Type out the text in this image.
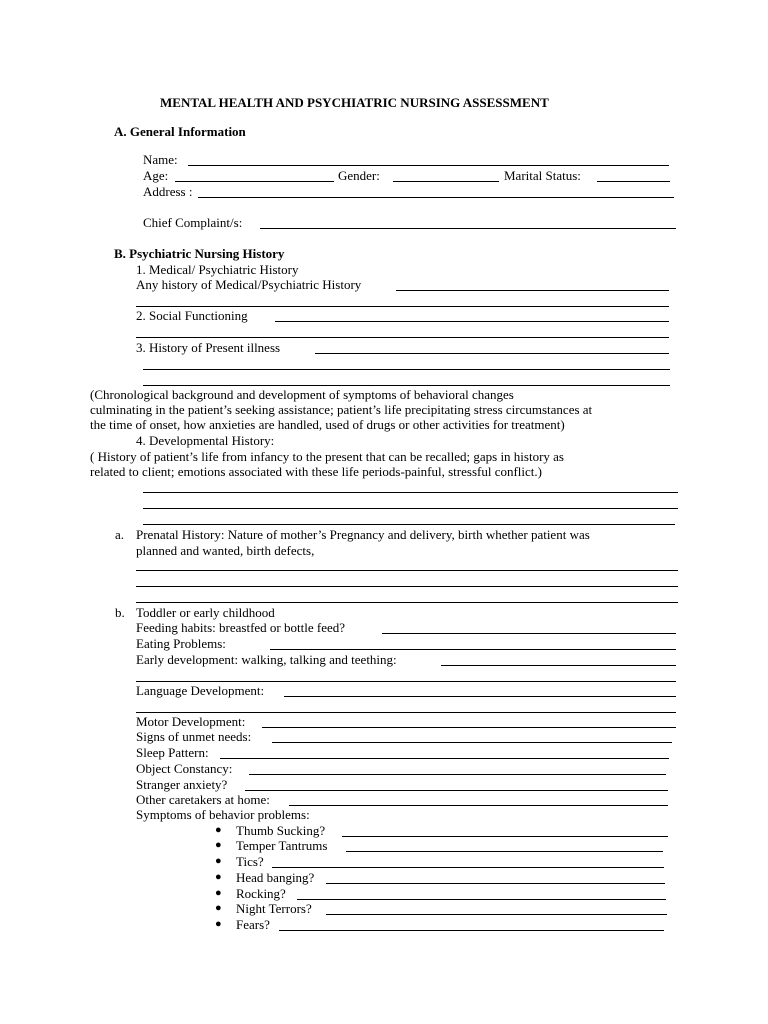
MENTAL HEALTH AND PSYCHIATRIC NURSING ASSESSMENT
A. General Information
Name:
Age:	Gender:	Marital Status:
Address :
Chief Complaint/s:
B. Psychiatric Nursing History
1. Medical/ Psychiatric History
Any history of Medical/Psychiatric History
2. Social Functioning
3. History of Present illness
(Chronological background and development of symptoms of behavioral changes
culminating in the patient’s seeking assistance; patient’s life precipitating stress circumstances at
the time of onset, how anxieties are handled, used of drugs or other activities for treatment)
4. Developmental History:
( History of patient’s life from infancy to the present that can be recalled; gaps in history as
related to client; emotions associated with these life periods-painful, stressful conflict.)
a. Prenatal History: Nature of mother’s Pregnancy and delivery, birth whether patient was
planned and wanted, birth defects,
b. Toddler or early childhood
Feeding habits: breastfed or bottle feed?
Eating Problems:
Early development: walking, talking and teething:
Language Development:
Motor Development:
Signs of unmet needs:
Sleep Pattern:
Object Constancy:
Stranger anxiety?
Other caretakers at home:
Symptoms of behavior problems:
● Thumb Sucking?
● Temper Tantrums
● Tics?
● Head banging?
● Rocking?
● Night Terrors?
● Fears?
